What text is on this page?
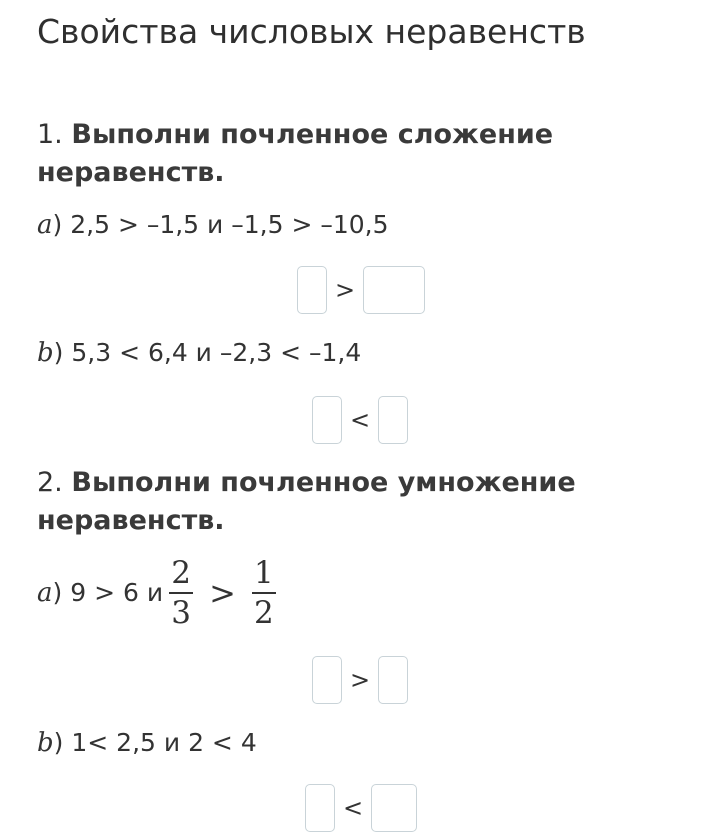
Свойства числовых неравенств
1. Выполни почленное сложение
неравенств.
a) 2,5 > –1,5 и –1,5 > –10,5
>
b) 5,3 < 6,4 и –2,3 < –1,4
<
2. Выполни почленное умножение
неравенств.
a) 9 > 6 и $\frac{2}{3} > \frac{1}{2}$
>
b) 1< 2,5 и 2 < 4
<
